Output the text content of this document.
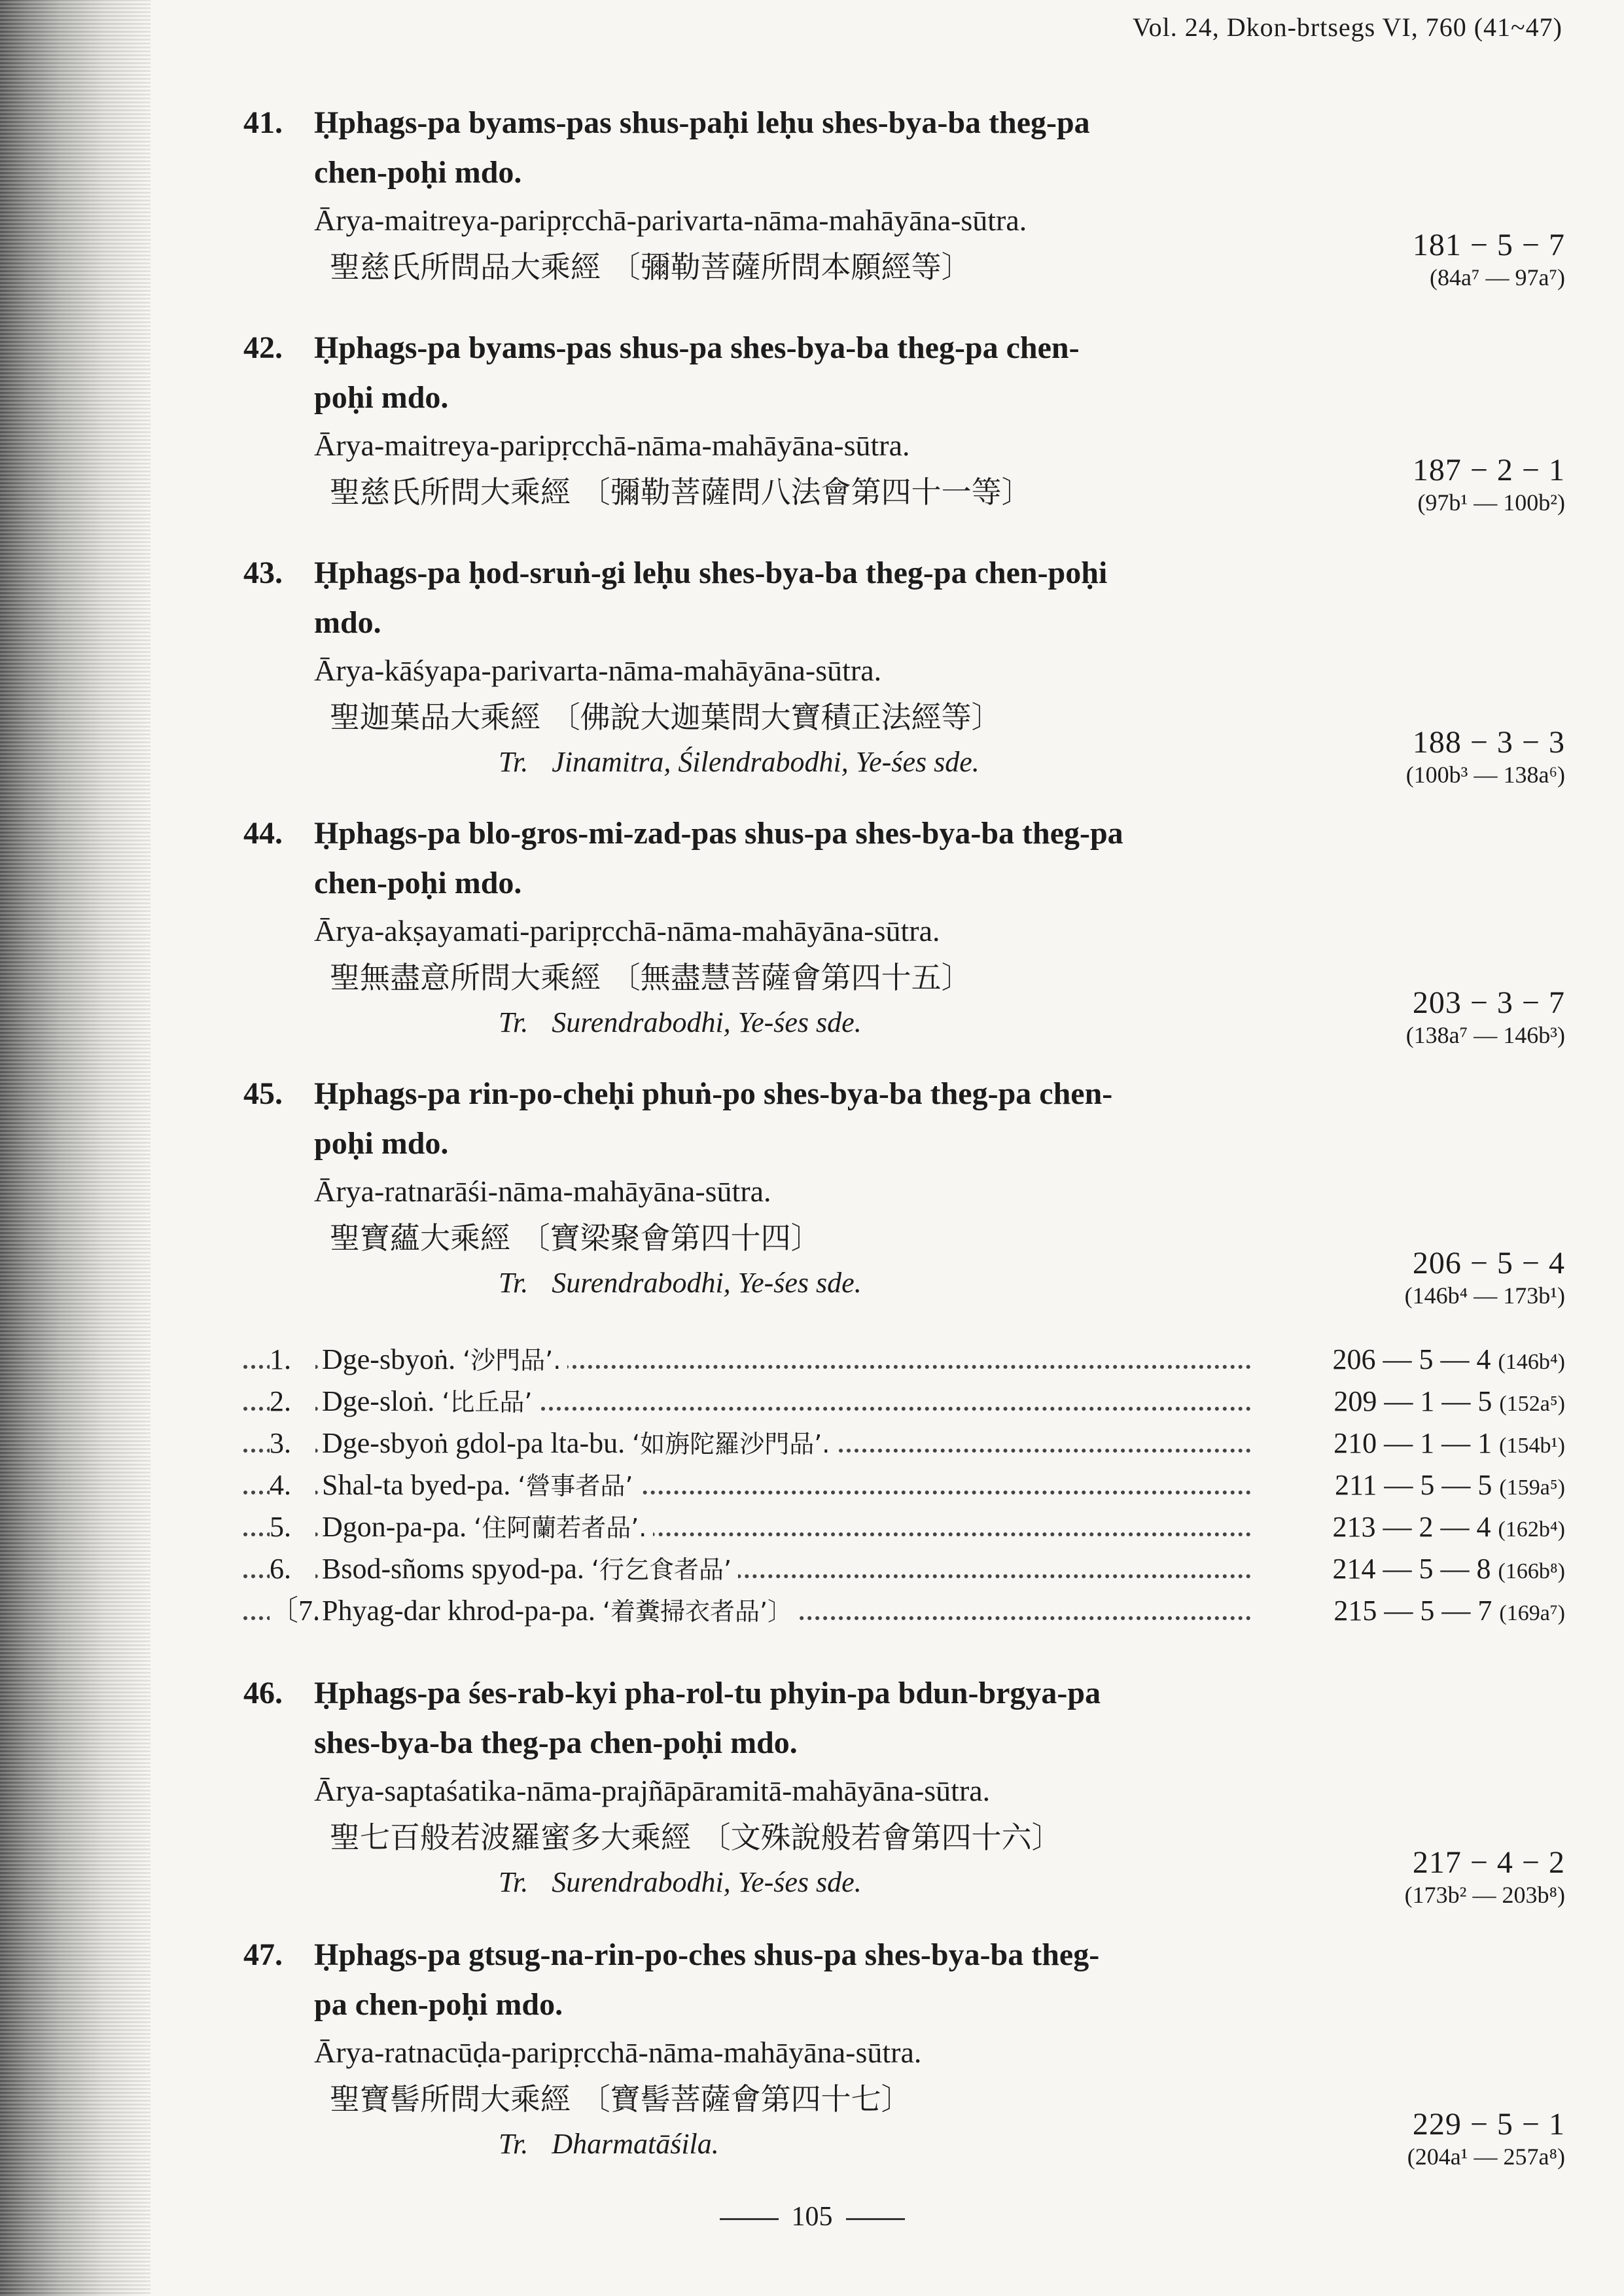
Vol. 24, Dkon-brtsegs VI, 760 (41~47)
41. Ḥphags-pa byams-pas shus-paḥi leḥu shes-bya-ba theg-pa
chen-poḥi mdo.
Ārya-maitreya-paripṛcchā-parivarta-nāma-mahāyāna-sūtra.
聖慈氏所問品大乘經 〔彌勒菩薩所問本願經等〕
181 − 5 − 7
(84a⁷ — 97a⁷)
42. Ḥphags-pa byams-pas shus-pa shes-bya-ba theg-pa chen-
poḥi mdo.
Ārya-maitreya-paripṛcchā-nāma-mahāyāna-sūtra.
聖慈氏所問大乘經 〔彌勒菩薩問八法會第四十一等〕
187 − 2 − 1
(97b¹ — 100b²)
43. Ḥphags-pa ḥod-sruṅ-gi leḥu shes-bya-ba theg-pa chen-poḥi
mdo.
Ārya-kāśyapa-parivarta-nāma-mahāyāna-sūtra.
聖迦葉品大乘經 〔佛說大迦葉問大寶積正法經等〕
Tr. Jinamitra, Śilendrabodhi, Ye-śes sde.
188 − 3 − 3
(100b³ — 138a⁶)
44. Ḥphags-pa blo-gros-mi-zad-pas shus-pa shes-bya-ba theg-pa
chen-poḥi mdo.
Ārya-akṣayamati-paripṛcchā-nāma-mahāyāna-sūtra.
聖無盡意所問大乘經 〔無盡慧菩薩會第四十五〕
Tr. Surendrabodhi, Ye-śes sde.
203 − 3 − 7
(138a⁷ — 146b³)
45. Ḥphags-pa rin-po-cheḥi phuṅ-po shes-bya-ba theg-pa chen-
poḥi mdo.
Ārya-ratnarāśi-nāma-mahāyāna-sūtra.
聖寶蘊大乘經 〔寶梁聚會第四十四〕
Tr. Surendrabodhi, Ye-śes sde.
206 − 5 − 4
(146b⁴ — 173b¹)
1.	Dge-sbyoṅ. ‘沙門品’.	206 — 5 — 4 (146b⁴)
2.	Dge-sloṅ. ‘比丘品’	209 — 1 — 5 (152a⁵)
3.	Dge-sbyoṅ gdol-pa lta-bu. ‘如旃陀羅沙門品’.	210 — 1 — 1 (154b¹)
4.	Shal-ta byed-pa. ‘營事者品’	211 — 5 — 5 (159a⁵)
5.	Dgon-pa-pa. ‘住阿蘭若者品’.	213 — 2 — 4 (162b⁴)
6.	Bsod-sñoms spyod-pa. ‘行乞食者品’	214 — 5 — 8 (166b⁸)
〔7. Phyag-dar khrod-pa-pa. ‘着糞掃衣者品’〕	215 — 5 — 7 (169a⁷)
46. Ḥphags-pa śes-rab-kyi pha-rol-tu phyin-pa bdun-brgya-pa
shes-bya-ba theg-pa chen-poḥi mdo.
Ārya-saptaśatika-nāma-prajñāpāramitā-mahāyāna-sūtra.
聖七百般若波羅蜜多大乘經 〔文殊說般若會第四十六〕
Tr. Surendrabodhi, Ye-śes sde.
217 − 4 − 2
(173b² — 203b⁸)
47. Ḥphags-pa gtsug-na-rin-po-ches shus-pa shes-bya-ba theg-
pa chen-poḥi mdo.
Ārya-ratnacūḍa-paripṛcchā-nāma-mahāyāna-sūtra.
聖寶髻所問大乘經 〔寶髻菩薩會第四十七〕
Tr. Dharmatāśila.
229 − 5 − 1
(204a¹ — 257a⁸)
105
